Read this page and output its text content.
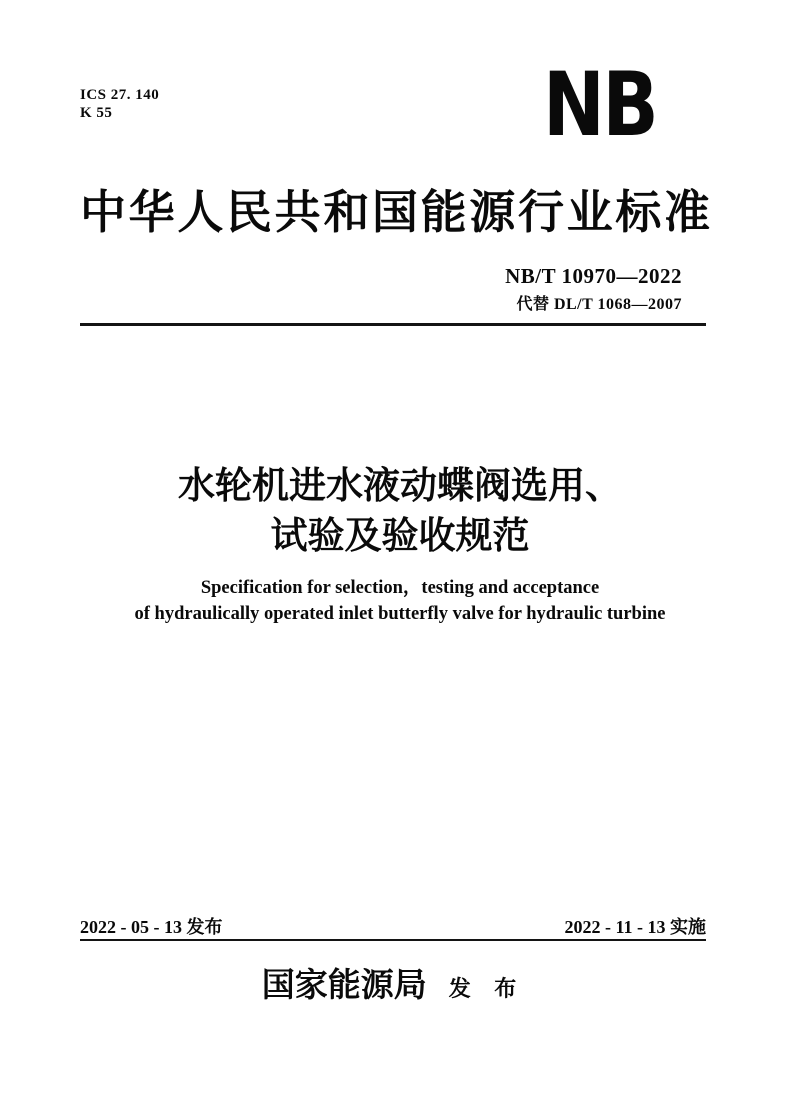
ICS 27. 140
K 55	NB
中华人民共和国能源行业标准
NB/T 10970—2022
代替 DL/T 1068—2007
水轮机进水液动蝶阀选用、
试验及验收规范
Specification for selection，testing and acceptance
of hydraulically operated inlet butterfly valve for hydraulic turbine
2022 - 05 - 13 发布	2022 - 11 - 13 实施
国家能源局 发 布
